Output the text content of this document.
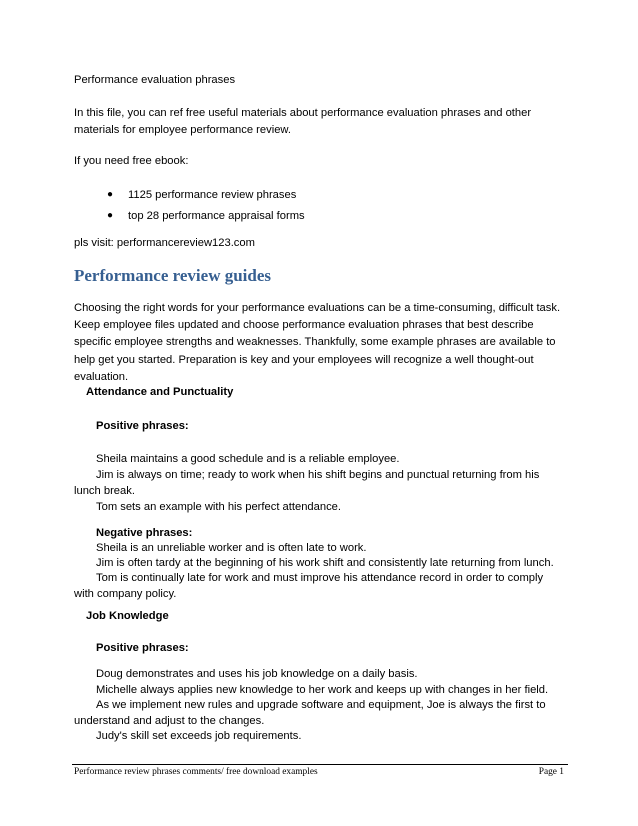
Performance evaluation phrases
In this file, you can ref free useful materials about performance evaluation phrases and other materials for employee performance review.
If you need free ebook:
● 1125 performance review phrases
● top 28 performance appraisal forms
pls visit: performancereview123.com
Performance review guides
Choosing the right words for your performance evaluations can be a time-consuming, difficult task. Keep employee files updated and choose performance evaluation phrases that best describe specific employee strengths and weaknesses. Thankfully, some example phrases are available to help get you started. Preparation is key and your employees will recognize a well thought-out evaluation.
Attendance and Punctuality
Positive phrases:
Sheila maintains a good schedule and is a reliable employee.
Jim is always on time; ready to work when his shift begins and punctual returning from his lunch break.
Tom sets an example with his perfect attendance.
Negative phrases:
Sheila is an unreliable worker and is often late to work.
Jim is often tardy at the beginning of his work shift and consistently late returning from lunch.
Tom is continually late for work and must improve his attendance record in order to comply with company policy.
Job Knowledge
Positive phrases:
Doug demonstrates and uses his job knowledge on a daily basis.
Michelle always applies new knowledge to her work and keeps up with changes in her field.
As we implement new rules and upgrade software and equipment, Joe is always the first to understand and adjust to the changes.
Judy's skill set exceeds job requirements.
Performance review phrases comments/ free download examples	Page 1
